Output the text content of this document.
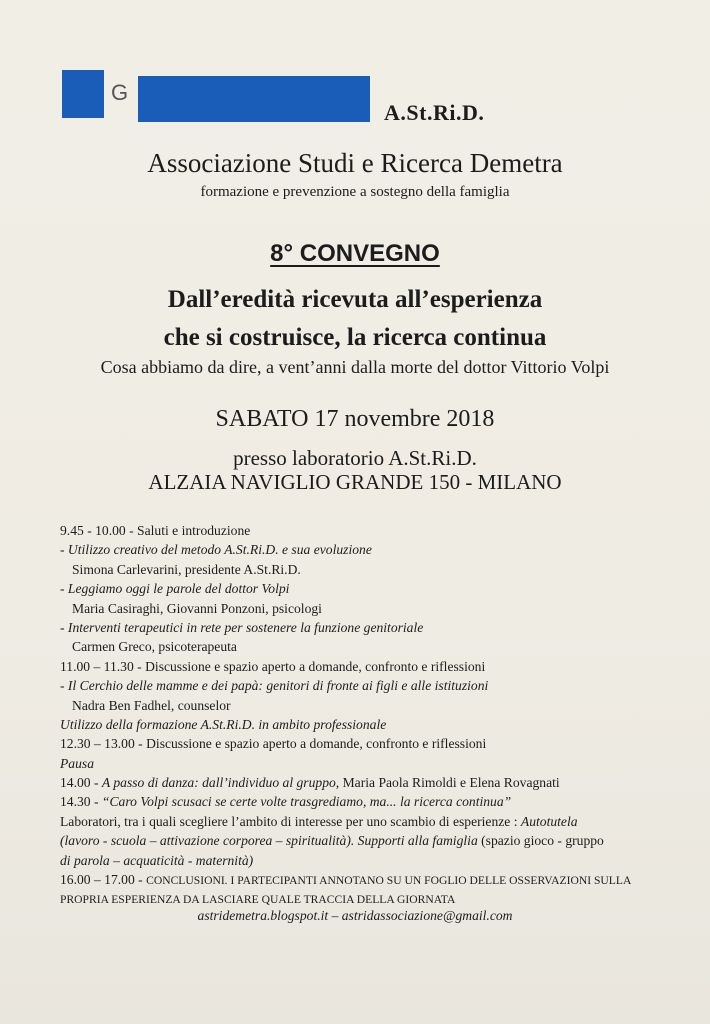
G
A.St.Ri.D.
Associazione Studi e Ricerca Demetra
formazione e prevenzione a sostegno della famiglia
8° CONVEGNO
Dall’eredità ricevuta all’esperienza
che si costruisce, la ricerca continua
Cosa abbiamo da dire, a vent’anni dalla morte del dottor Vittorio Volpi
SABATO 17 novembre 2018
presso laboratorio A.St.Ri.D.
ALZAIA NAVIGLIO GRANDE 150 - MILANO
9.45 - 10.00 - Saluti e introduzione
- Utilizzo creativo del metodo A.St.Ri.D. e sua evoluzione
Simona Carlevarini, presidente A.St.Ri.D.
- Leggiamo oggi le parole del dottor Volpi
Maria Casiraghi, Giovanni Ponzoni, psicologi
- Interventi terapeutici in rete per sostenere la funzione genitoriale
Carmen Greco, psicoterapeuta
11.00 – 11.30 - Discussione e spazio aperto a domande, confronto e riflessioni
- Il Cerchio delle mamme e dei papà: genitori di fronte ai figli e alle istituzioni
Nadra Ben Fadhel, counselor
Utilizzo della formazione A.St.Ri.D. in ambito professionale
12.30 – 13.00 - Discussione e spazio aperto a domande, confronto e riflessioni
Pausa
14.00 - A passo di danza: dall’individuo al gruppo, Maria Paola Rimoldi e Elena Rovagnati
14.30 - “Caro Volpi scusaci se certe volte trasgrediamo, ma... la ricerca continua”
Laboratori, tra i quali scegliere l’ambito di interesse per uno scambio di esperienze : Autotutela
(lavoro - scuola – attivazione corporea – spiritualità). Supporti alla famiglia (spazio gioco - gruppo
di parola – acquaticità - maternità)
16.00 – 17.00 - CONCLUSIONI. I PARTECIPANTI ANNOTANO SU UN FOGLIO DELLE OSSERVAZIONI SULLA
PROPRIA ESPERIENZA DA LASCIARE QUALE TRACCIA DELLA GIORNATA
astridemetra.blogspot.it – astridassociazione@gmail.com
